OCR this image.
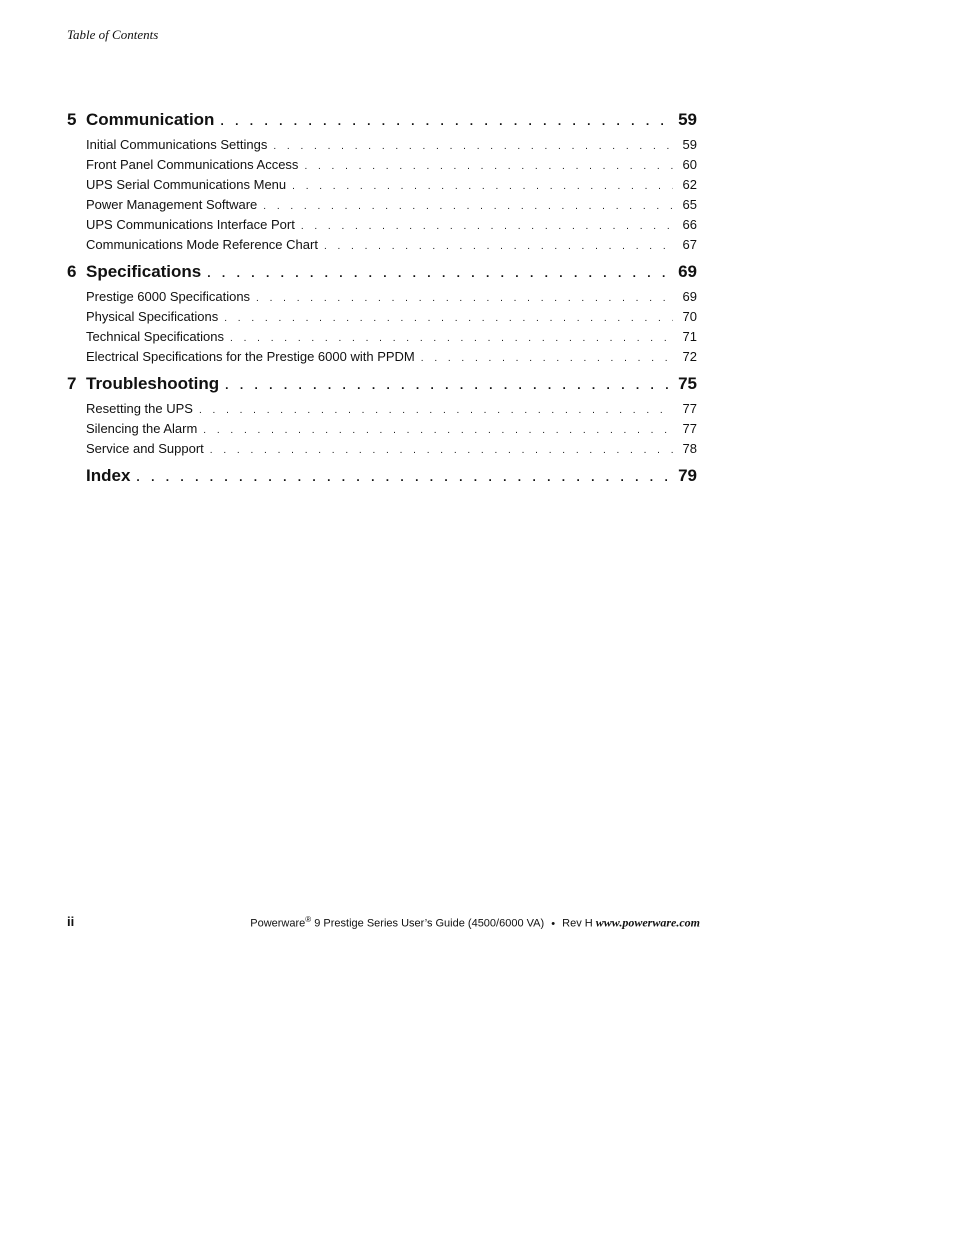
Table of Contents
5 Communication . . .	59
Initial Communications Settings . . .	59
Front Panel Communications Access . . .	60
UPS Serial Communications Menu . . .	62
Power Management Software . . .	65
UPS Communications Interface Port . . .	66
Communications Mode Reference Chart . . .	67
6 Specifications . . .	69
Prestige 6000 Specifications . . .	69
Physical Specifications . . .	70
Technical Specifications . . .	71
Electrical Specifications for the Prestige 6000 with PPDM . . .	72
7 Troubleshooting . . .	75
Resetting the UPS . . .	77
Silencing the Alarm . . .	77
Service and Support . . .	78
Index . . .	79
ii	Powerware® 9 Prestige Series User’s Guide (4500/6000 VA) • Rev H www.powerware.com
